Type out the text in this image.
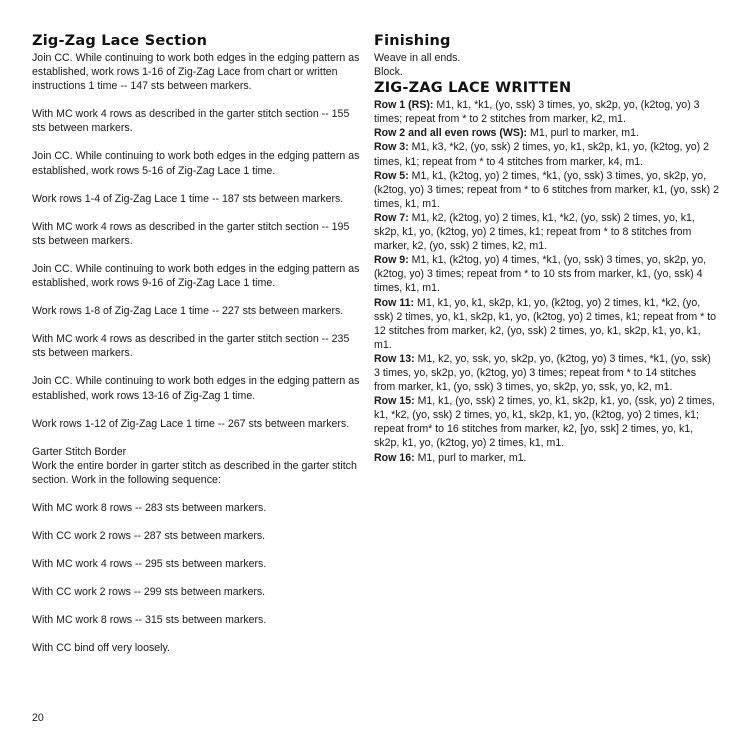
Zig-Zag Lace Section

Join CC. While continuing to work both edges in the edging pattern as established, work rows 1-16 of Zig-Zag Lace from chart or written instructions 1 time -- 147 sts between markers.

With MC work 4 rows as described in the garter stitch section -- 155 sts between markers.

Join CC. While continuing to work both edges in the edging pattern as established, work rows 5-16 of Zig-Zag Lace 1 time.

Work rows 1-4 of Zig-Zag Lace 1 time -- 187 sts between markers.

With MC work 4 rows as described in the garter stitch section -- 195 sts between markers.

Join CC. While continuing to work both edges in the edging pattern as established, work rows 9-16 of Zig-Zag Lace 1 time.

Work rows 1-8 of Zig-Zag Lace 1 time -- 227 sts between markers.

With MC work 4 rows as described in the garter stitch section -- 235 sts between markers.

Join CC. While continuing to work both edges in the edging pattern as established, work rows 13-16 of Zig-Zag 1 time.

Work rows 1-12 of Zig-Zag Lace 1 time -- 267 sts between markers.

Garter Stitch Border

Work the entire border in garter stitch as described in the garter stitch section. Work in the following sequence:

With MC work 8 rows -- 283 sts between markers.

With CC work 2 rows -- 287 sts between markers.

With MC work 4 rows -- 295 sts between markers.

With CC work 2 rows -- 299 sts between markers.

With MC work 8 rows -- 315 sts between markers.

With CC bind off very loosely.

20
Finishing

Weave in all ends.

Block.

ZIG-ZAG LACE WRITTEN

Row 1 (RS): M1, k1, *k1, (yo, ssk) 3 times, yo, sk2p, yo, (k2tog, yo) 3 times; repeat from * to 2 stitches from marker, k2, m1.

Row 2 and all even rows (WS): M1, purl to marker, m1.

Row 3: M1, k3, *k2, (yo, ssk) 2 times, yo, k1, sk2p, k1, yo, (k2tog, yo) 2 times, k1; repeat from * to 4 stitches from marker, k4, m1.

Row 5: M1, k1, (k2tog, yo) 2 times, *k1, (yo, ssk) 3 times, yo, sk2p, yo, (k2tog, yo) 3 times; repeat from * to 6 stitches from marker, k1, (yo, ssk) 2 times, k1, m1.

Row 7: M1, k2, (k2tog, yo) 2 times, k1, *k2, (yo, ssk) 2 times, yo, k1, sk2p, k1, yo, (k2tog, yo) 2 times, k1; repeat from * to 8 stitches from marker, k2, (yo, ssk) 2 times, k2, m1.

Row 9: M1, k1, (k2tog, yo) 4 times, *k1, (yo, ssk) 3 times, yo, sk2p, yo, (k2tog, yo) 3 times; repeat from * to 10 sts from marker, k1, (yo, ssk) 4 times, k1, m1.

Row 11: M1, k1, yo, k1, sk2p, k1, yo, (k2tog, yo) 2 times, k1, *k2, (yo, ssk) 2 times, yo, k1, sk2p, k1, yo, (k2tog, yo) 2 times, k1; repeat from * to 12 stitches from marker, k2, (yo, ssk) 2 times, yo, k1, sk2p, k1, yo, k1, m1.

Row 13: M1, k2, yo, ssk, yo, sk2p, yo, (k2tog, yo) 3 times, *k1, (yo, ssk) 3 times, yo, sk2p, yo, (k2tog, yo) 3 times; repeat from * to 14 stitches from marker, k1, (yo, ssk) 3 times, yo, sk2p, yo, ssk, yo, k2, m1.

Row 15: M1, k1, (yo, ssk) 2 times, yo, k1, sk2p, k1, yo, (ssk, yo) 2 times, k1, *k2, (yo, ssk) 2 times, yo, k1, sk2p, k1, yo, (k2tog, yo) 2 times, k1; repeat from* to 16 stitches from marker, k2, [yo, ssk] 2 times, yo, k1, sk2p, k1, yo, (k2tog, yo) 2 times, k1, m1.

Row 16: M1, purl to marker, m1.
